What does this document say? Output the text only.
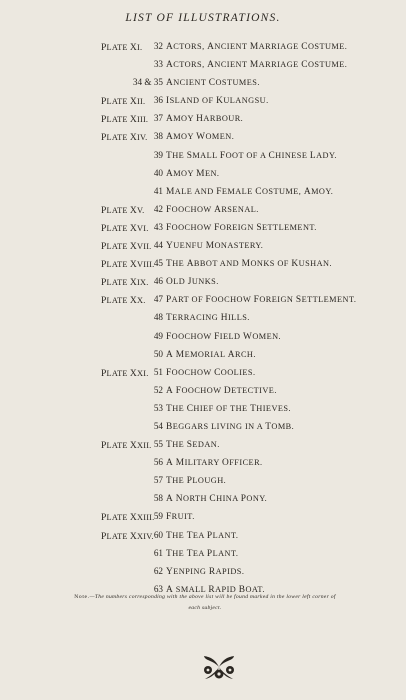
LIST OF ILLUSTRATIONS.
PLATE XI. 32 ACTORS, ANCIENT MARRIAGE COSTUME.
33 ACTORS, ANCIENT MARRIAGE COSTUME.
34 & 35 ANCIENT COSTUMES.
PLATE XII. 36 ISLAND OF KULANGSU.
PLATE XIII. 37 AMOY HARBOUR.
PLATE XIV. 38 AMOY WOMEN.
39 THE SMALL FOOT OF A CHINESE LADY.
40 AMOY MEN.
41 MALE AND FEMALE COSTUME, AMOY.
PLATE XV. 42 FOOCHOW ARSENAL.
PLATE XVI. 43 FOOCHOW FOREIGN SETTLEMENT.
PLATE XVII. 44 YUENFU MONASTERY.
PLATE XVIII. 45 THE ABBOT AND MONKS OF KUSHAN.
PLATE XIX. 46 OLD JUNKS.
PLATE XX. 47 PART OF FOOCHOW FOREIGN SETTLEMENT.
48 TERRACING HILLS.
49 FOOCHOW FIELD WOMEN.
50 A MEMORIAL ARCH.
PLATE XXI. 51 FOOCHOW COOLIES.
52 A FOOCHOW DETECTIVE.
53 THE CHIEF OF THE THIEVES.
54 BEGGARS LIVING IN A TOMB.
PLATE XXII. 55 THE SEDAN.
56 A MILITARY OFFICER.
57 THE PLOUGH.
58 A NORTH CHINA PONY.
PLATE XXIII. 59 FRUIT.
PLATE XXIV. 60 THE TEA PLANT.
61 THE TEA PLANT.
62 YENPING RAPIDS.
63 A SMALL RAPID BOAT.
Note.—The numbers corresponding with the above list will be found marked in the lower left corner of each subject.
